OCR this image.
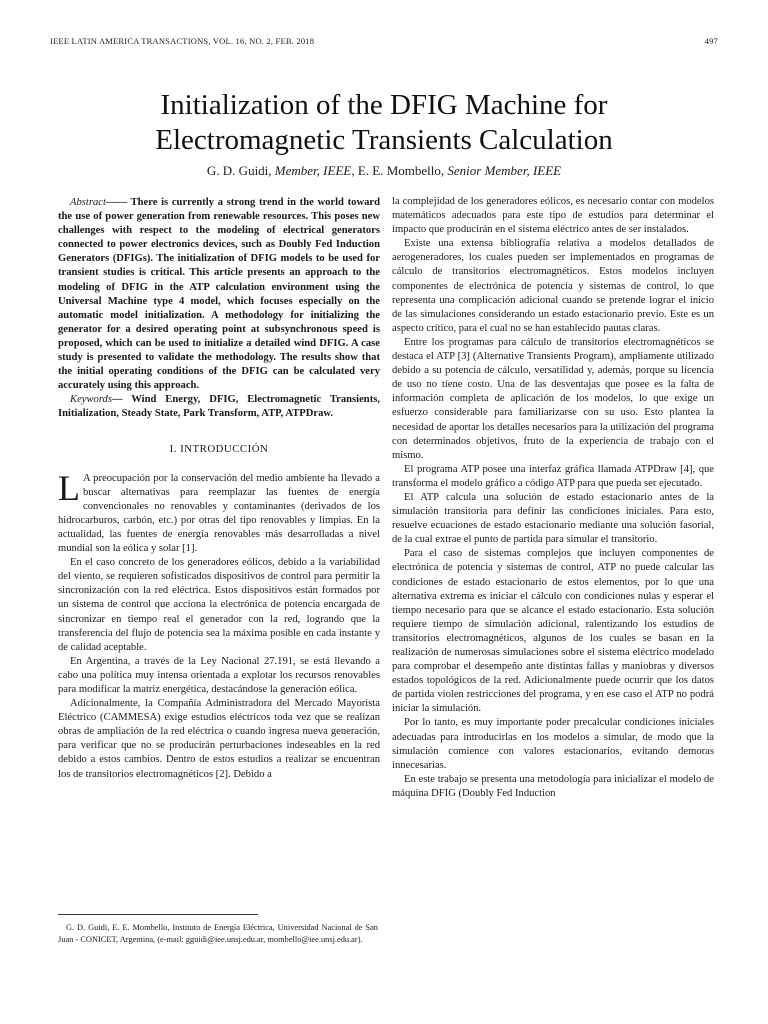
IEEE LATIN AMERICA TRANSACTIONS, VOL. 16, NO. 2, FEB. 2018	497
Initialization of the DFIG Machine for
Electromagnetic Transients Calculation
G. D. Guidi, Member, IEEE, E. E. Mombello, Senior Member, IEEE

Abstract—— There is currently a strong trend in the world toward the use of power generation from renewable resources. This poses new challenges with respect to the modeling of electrical generators connected to power electronics devices, such as Doubly Fed Induction Generators (DFIGs). The initialization of DFIG models to be used for transient studies is critical. This article presents an approach to the modeling of DFIG in the ATP calculation environment using the Universal Machine type 4 model, which focuses especially on the automatic model initialization. A methodology for initializing the generator for a desired operating point at subsynchronous speed is proposed, which can be used to initialize a detailed wind DFIG. A case study is presented to validate the methodology. The results show that the initial operating conditions of the DFIG can be calculated very accurately using this approach.

Keywords— Wind Energy, DFIG, Electromagnetic Transients, Initialization, Steady State, Park Transform, ATP, ATPDraw.

I. INTRODUCCIÓN

L A preocupación por la conservación del medio ambiente ha llevado a buscar alternativas para reemplazar las fuentes de energía convencionales no renovables y contaminantes (derivados de los hidrocarburos, carbón, etc.) por otras del tipo renovables y limpias. En la actualidad, las fuentes de energía renovables más desarrolladas a nivel mundial son la eólica y solar [1].

En el caso concreto de los generadores eólicos, debido a la variabilidad del viento, se requieren sofisticados dispositivos de control para permitir la sincronización con la red eléctrica. Estos dispositivos están formados por un sistema de control que acciona la electrónica de potencia encargada de sincronizar en tiempo real el generador con la red, logrando que la transferencia del flujo de potencia sea la máxima posible en cada instante y de calidad aceptable.

En Argentina, a través de la Ley Nacional 27.191, se está llevando a cabo una política muy intensa orientada a explotar los recursos renovables para modificar la matriz energética, destacándose la generación eólica.

Adicionalmente, la Compañía Administradora del Mercado Mayorista Eléctrico (CAMMESA) exige estudios eléctricos toda vez que se realizan obras de ampliación de la red eléctrica o cuando ingresa nueva generación, para verificar que no se producirán perturbaciones indeseables en la red debido a estos cambios. Dentro de estos estudios a realizar se encuentran los de transitorios electromagnéticos [2]. Debido a

G. D. Guidi, E. E. Mombello, Instituto de Energía Eléctrica, Universidad Nacional de San Juan - CONICET, Argentina, (e-mail: gguidi@iee.unsj.edu.ar, mombello@iee.unsj.edu.ar).

la complejidad de los generadores eólicos, es necesario contar con modelos matemáticos adecuados para este tipo de estudios para determinar el impacto que producirán en el sistema eléctrico antes de ser instalados.

Existe una extensa bibliografía relativa a modelos detallados de aerogeneradores, los cuales pueden ser implementados en programas de cálculo de transitorios electromagnéticos. Estos modelos incluyen componentes de electrónica de potencia y sistemas de control, lo que representa una complicación adicional cuando se pretende lograr el inicio de las simulaciones considerando un estado estacionario previo. Este es un aspecto crítico, para el cual no se han establecido pautas claras.

Entre los programas para cálculo de transitorios electromagnéticos se destaca el ATP [3] (Alternative Transients Program), ampliamente utilizado debido a su potencia de cálculo, versatilidad y, además, porque su licencia de uso no tiene costo. Una de las desventajas que posee es la falta de información completa de aplicación de los modelos, lo que exige un esfuerzo considerable para familiarizarse con su uso. Esto plantea la necesidad de aportar los detalles necesarios para la utilización del programa con determinados objetivos, fruto de la experiencia de trabajo con el mismo.

El programa ATP posee una interfaz gráfica llamada ATPDraw [4], que transforma el modelo gráfico a código ATP para que pueda ser ejecutado.

El ATP calcula una solución de estado estacionario antes de la simulación transitoria para definir las condiciones iniciales. Para esto, resuelve ecuaciones de estado estacionario mediante una solución fasorial, de la cual extrae el punto de partida para simular el transitorio.

Para el caso de sistemas complejos que incluyen componentes de electrónica de potencia y sistemas de control, ATP no puede calcular las condiciones de estado estacionario de estos elementos, por lo que una alternativa extrema es iniciar el cálculo con condiciones nulas y esperar el tiempo necesario para que se alcance el estado estacionario. Esta solución requiere tiempo de simulación adicional, ralentizando los estudios de transitorios electromagnéticos, algunos de los cuales se basan en la realización de numerosas simulaciones sobre el sistema eléctrico modelado para comprobar el desempeño ante distintas fallas y maniobras y diversos estados topológicos de la red. Adicionalmente puede ocurrir que los datos de partida violen restricciones del programa, y en ese caso el ATP no podrá iniciar la simulación.

Por lo tanto, es muy importante poder precalcular condiciones iniciales adecuadas para introducirlas en los modelos a simular, de modo que la simulación comience con valores estacionarios, evitando demoras innecesarias.

En este trabajo se presenta una metodología para inicializar el modelo de máquina DFIG (Doubly Fed Induction
